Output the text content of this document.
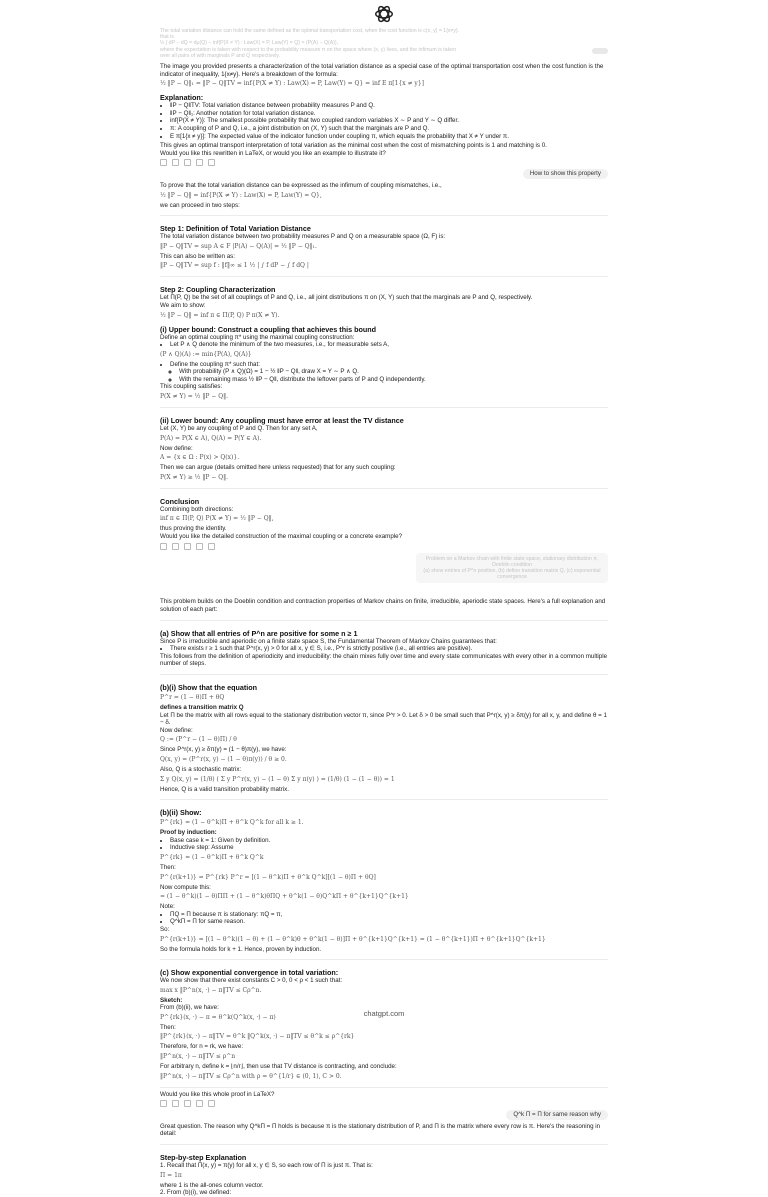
The total variation distance can hold the same defined as the optimal transportation cost, when the cost function is c(x, y) = 1{x≠y}.

that is

½ ∫ dP − dQ = dμ(Q) − inf{P(X ≠ Y) : Law(X) = P, Law(Y) = Q} = (P(A) − Q(A)),

where the expectation is taken with respect to the probability measure π on the space where (x, y) lives, and the infimum is taken

over all pairs of with marginals P and Q respectively.

The image you provided presents a characterization of the total variation distance as a special case of the optimal transportation cost when the cost function is the indicator of inequality, 1{x≠y}. Here's a breakdown of the formula:

½ ‖P − Q‖₁ = ‖P − Q‖TV = inf{P(X ≠ Y) : Law(X) = P, Law(Y) = Q} = inf E π[1{x ≠ y}]

Explanation:

• ‖P − Q‖TV: Total variation distance between probability measures P and Q.
• ‖P − Q‖₁: Another notation for total variation distance.
• inf{P(X ≠ Y)}: The smallest possible probability that two coupled random variables X ∼ P and Y ∼ Q differ.
• π: A coupling of P and Q, i.e., a joint distribution on (X, Y) such that the marginals are P and Q.
• E π[1{x ≠ y}]: The expected value of the indicator function under coupling π, which equals the probability that X ≠ Y under π.

This gives an optimal transport interpretation of total variation as the minimal cost when the cost of mismatching points is 1 and matching is 0.

Would you like this rewritten in LaTeX, or would you like an example to illustrate it?

How to show this property

To prove that the total variation distance can be expressed as the infimum of coupling mismatches, i.e.,

½ ‖P − Q‖ = inf{P(X ≠ Y) : Law(X) = P, Law(Y) = Q},

we can proceed in two steps:

Step 1: Definition of Total Variation Distance

The total variation distance between two probability measures P and Q on a measurable space (Ω, F) is:

‖P − Q‖TV = sup A ∈ F |P(A) − Q(A)| = ½ ‖P − Q‖₁.

This can also be written as:

‖P − Q‖TV = sup f : ‖f‖∞ ≤ 1 ½ | ∫ f dP − ∫ f dQ |

Step 2: Coupling Characterization

Let Π(P, Q) be the set of all couplings of P and Q, i.e., all joint distributions π on (X, Y) such that the marginals are P and Q, respectively.

We aim to show:

½ ‖P − Q‖ = inf π ∈ Π(P, Q) P π(X ≠ Y).

(i) Upper bound: Construct a coupling that achieves this bound

Define an optimal coupling π* using the maximal coupling construction:

• Let P ∧ Q denote the minimum of the two measures, i.e., for measurable sets A,

(P ∧ Q)(A) := min{P(A), Q(A)}

• Define the coupling π* such that:
◦ With probability (P ∧ Q)(Ω) = 1 − ½ ‖P − Q‖, draw X = Y ∼ P ∧ Q.
◦ With the remaining mass ½ ‖P − Q‖, distribute the leftover parts of P and Q independently.

This coupling satisfies:

P(X ≠ Y) = ½ ‖P − Q‖.

(ii) Lower bound: Any coupling must have error at least the TV distance

Let (X, Y) be any coupling of P and Q. Then for any set A,

P(A) = P(X ∈ A), Q(A) = P(Y ∈ A).

Now define:

A = {x ∈ Ω : P(x) > Q(x)}.

Then we can argue (details omitted here unless requested) that for any such coupling:

P(X ≠ Y) ≥ ½ ‖P − Q‖.

Conclusion

Combining both directions:

inf π ∈ Π(P, Q) P(X ≠ Y) = ½ ‖P − Q‖,

thus proving the identity.

Would you like the detailed construction of the maximal coupling or a concrete example?

Problem on a Markov chain with finite state space, stationary distribution π, Doeblin condition

(a) show entries of P^n positive, (b) define transition matrix Q, (c) exponential convergence

This problem builds on the Doeblin condition and contraction properties of Markov chains on finite, irreducible, aperiodic state spaces. Here's a full explanation and solution of each part:

(a) Show that all entries of P^n are positive for some n ≥ 1

Since P is irreducible and aperiodic on a finite state space S, the Fundamental Theorem of Markov Chains guarantees that:

• There exists r ≥ 1 such that P^r(x, y) > 0 for all x, y ∈ S, i.e., P^r is strictly positive (i.e., all entries are positive).

This follows from the definition of aperiodicity and irreducibility: the chain mixes fully over time and every state communicates with every other in a common multiple number of steps.

(b)(i) Show that the equation

P^r = (1 − θ)Π + θQ

defines a transition matrix Q

Let Π be the matrix with all rows equal to the stationary distribution vector π, since P^r > 0. Let δ > 0 be small such that P^r(x, y) ≥ δπ(y) for all x, y, and define θ = 1 − δ.

Now define:

Q := (P^r − (1 − θ)Π) / θ

Since P^r(x, y) ≥ δπ(y) = (1 − θ)π(y), we have:

Q(x, y) = (P^r(x, y) − (1 − θ)π(y)) / θ ≥ 0.

Also, Q is a stochastic matrix:

Σ y Q(x, y) = (1/θ) ( Σ y P^r(x, y) − (1 − θ) Σ y π(y) ) = (1/θ) (1 − (1 − θ)) = 1

Hence, Q is a valid transition probability matrix.

(b)(ii) Show:

P^{rk} = (1 − θ^k)Π + θ^k Q^k for all k ≥ 1.

Proof by induction:

• Base case k = 1: Given by definition.
• Inductive step: Assume

P^{rk} = (1 − θ^k)Π + θ^k Q^k

Then:

P^{r(k+1)} = P^{rk} P^r = [(1 − θ^k)Π + θ^k Q^k][(1 − θ)Π + θQ]

Now compute this:

= (1 − θ^k)(1 − θ)ΠΠ + (1 − θ^k)θΠQ + θ^k(1 − θ)Q^kΠ + θ^{k+1}Q^{k+1}

Note:

• ΠQ = Π because π is stationary: πQ = π,
• Q^kΠ = Π for same reason.

So:

P^{r(k+1)} = [(1 − θ^k)(1 − θ) + (1 − θ^k)θ + θ^k(1 − θ)]Π + θ^{k+1}Q^{k+1} = (1 − θ^{k+1})Π + θ^{k+1}Q^{k+1}

So the formula holds for k + 1. Hence, proven by induction.

(c) Show exponential convergence in total variation:

We now show that there exist constants C > 0, 0 < ρ < 1 such that:

max x ‖P^n(x, ·) − π‖TV ≤ Cρ^n.

Sketch:

From (b)(ii), we have:

P^{rk}(x, ·) − π = θ^k(Q^k(x, ·) − π)

Then:

‖P^{rk}(x, ·) − π‖TV = θ^k ‖Q^k(x, ·) − π‖TV ≤ θ^k ≤ ρ^{rk}

Therefore, for n = rk, we have:

‖P^n(x, ·) − π‖TV ≤ ρ^n

For arbitrary n, define k = ⌊n/r⌋, then use that TV distance is contracting, and conclude:

‖P^n(x, ·) − π‖TV ≤ Cρ^n with ρ = θ^{1/r} ∈ (0, 1), C > 0.

Would you like this whole proof in LaTeX?

Q^k Π = Π for same reason why

Great question. The reason why Q^kΠ = Π holds is because π is the stationary distribution of P, and Π is the matrix where every row is π. Here's the reasoning in detail:

Step-by-step Explanation

1. Recall that Π(x, y) = π(y) for all x, y ∈ S, so each row of Π is just π. That is:

Π = 1π

where 1 is the all-ones column vector.

2. From (b)(i), we defined:

chatgpt.com
